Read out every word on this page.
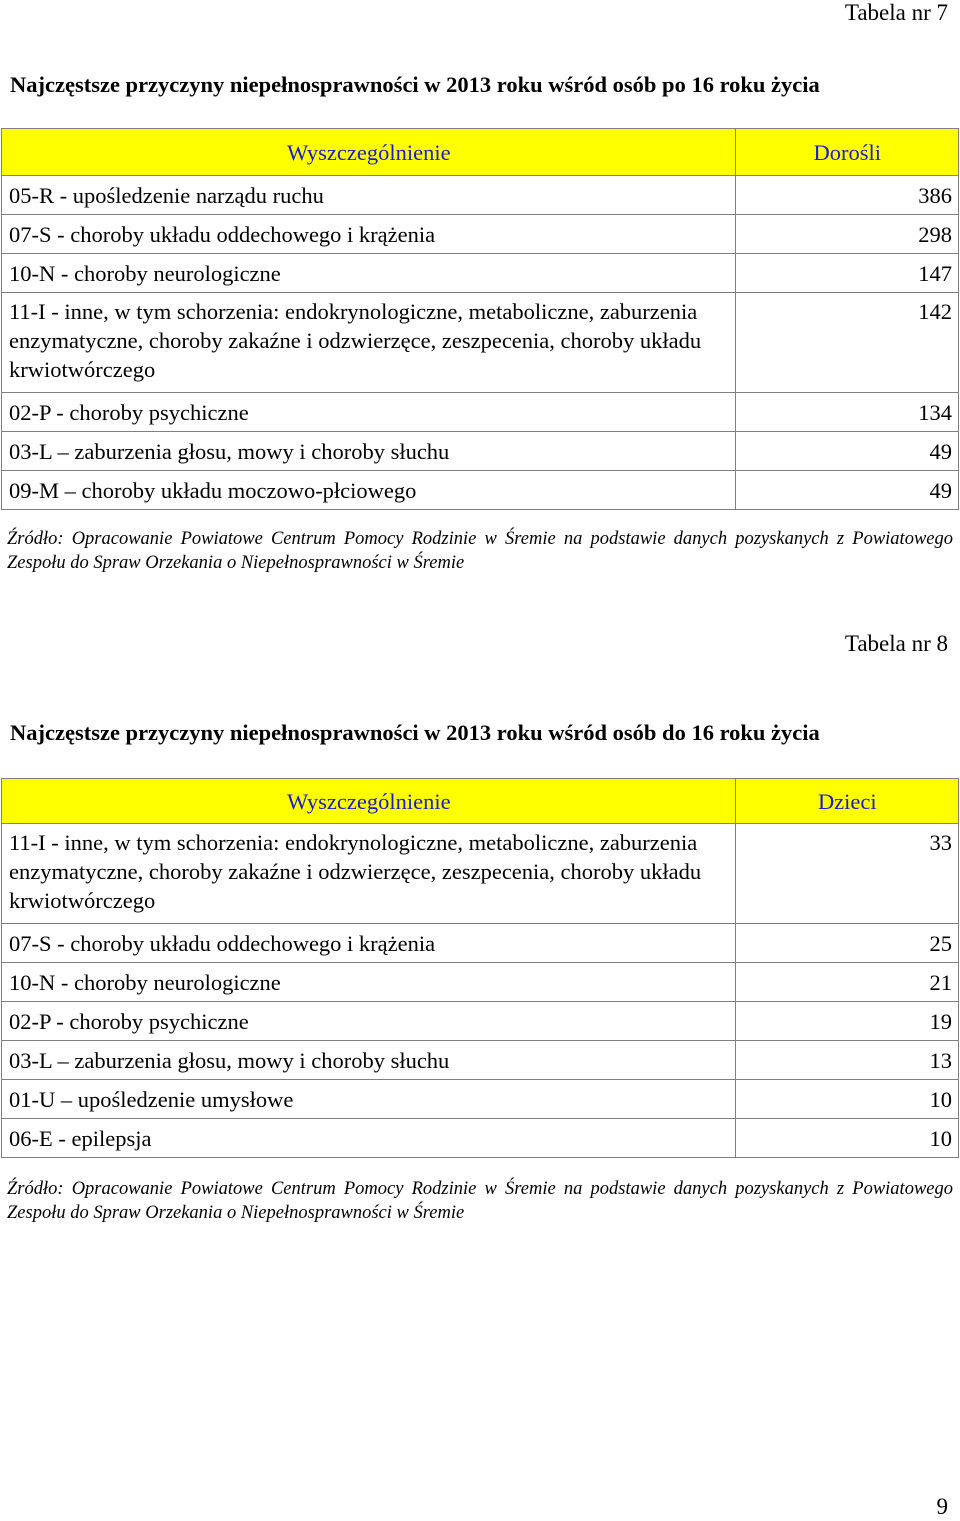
Tabela nr 7
Najczęstsze przyczyny niepełnosprawności w 2013 roku wśród osób po 16 roku życia
Wyszczególnienie	Dorośli
05-R - upośledzenie narządu ruchu	386
07-S - choroby układu oddechowego i krążenia	298
10-N - choroby neurologiczne	147
11-I - inne, w tym schorzenia: endokrynologiczne, metaboliczne, zaburzenia enzymatyczne, choroby zakaźne i odzwierzęce, zeszpecenia, choroby układu krwiotwórczego	142
02-P - choroby psychiczne	134
03-L – zaburzenia głosu, mowy i choroby słuchu	49
09-M – choroby układu moczowo-płciowego	49
Źródło: Opracowanie Powiatowe Centrum Pomocy Rodzinie w Śremie na podstawie danych pozyskanych z Powiatowego Zespołu do Spraw Orzekania o Niepełnosprawności w Śremie
Tabela nr 8
Najczęstsze przyczyny niepełnosprawności w 2013 roku wśród osób do 16 roku życia
Wyszczególnienie	Dzieci
11-I - inne, w tym schorzenia: endokrynologiczne, metaboliczne, zaburzenia enzymatyczne, choroby zakaźne i odzwierzęce, zeszpecenia, choroby układu krwiotwórczego	33
07-S - choroby układu oddechowego i krążenia	25
10-N - choroby neurologiczne	21
02-P - choroby psychiczne	19
03-L – zaburzenia głosu, mowy i choroby słuchu	13
01-U – upośledzenie umysłowe	10
06-E - epilepsja	10
Źródło: Opracowanie Powiatowe Centrum Pomocy Rodzinie w Śremie na podstawie danych pozyskanych z Powiatowego Zespołu do Spraw Orzekania o Niepełnosprawności w Śremie
9
